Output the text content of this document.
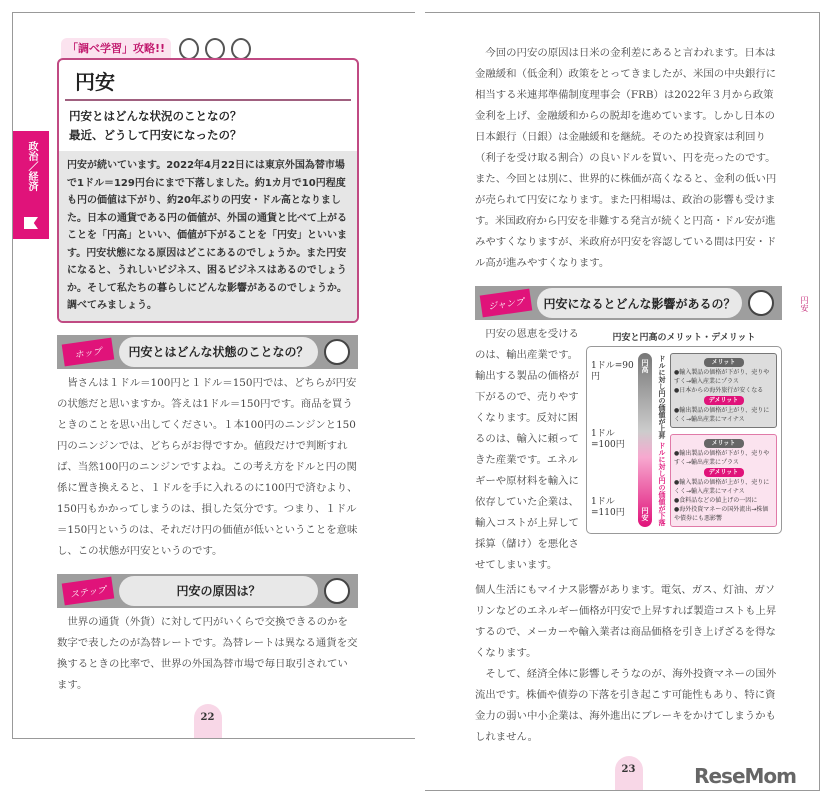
政治／経済
「調べ学習」攻略!!
円安
円安とはどんな状況のことなの？
最近、どうして円安になったの？
円安が続いています。2022年4月22日には東京外国為替市場で1ドル＝129円台にまで下落しました。約1カ月で10円程度も円の価値は下がり、約20年ぶりの円安・ドル高となりました。日本の通貨である円の価値が、外国の通貨と比べて上がることを「円高」といい、価値が下がることを「円安」といいます。円安状態になる原因はどこにあるのでしょうか。また円安になると、うれしいビジネス、困るビジネスはあるのでしょうか。そして私たちの暮らしにどんな影響があるのでしょうか。調べてみましょう。
ホップ	円安とはどんな状態のことなの？
皆さんは１ドル＝100円と１ドル＝150円では、どちらが円安の状態だと思いますか。答えは1ドル＝150円です。商品を買うときのことを思い出してください。１本100円のニンジンと150円のニンジンでは、どちらがお得ですか。値段だけで判断すれば、当然100円のニンジンですよね。この考え方をドルと円の関係に置き換えると、１ドルを手に入れるのに100円で済むより、150円もかかってしまうのは、損した気分です。つまり、１ドル＝150円というのは、それだけ円の価値が低いということを意味し、この状態が円安というのです。
ステップ	円安の原因は？
世界の通貨（外貨）に対して円がいくらで交換できるのかを数字で表したのが為替レートです。為替レートは異なる通貨を交換するときの比率で、世界の外国為替市場で毎日取引されています。
22
今回の円安の原因は日米の金利差にあると言われます。日本は金融緩和（低金利）政策をとってきましたが、米国の中央銀行に相当する米連邦準備制度理事会（FRB）は2022年３月から政策金利を上げ、金融緩和からの脱却を進めています。しかし日本の日本銀行（日銀）は金融緩和を継続。そのため投資家は利回り（利子を受け取る割合）の良いドルを買い、円を売ったのです。また、今回とは別に、世界的に株価が高くなると、金利の低い円が売られて円安になります。また円相場は、政治の影響も受けます。米国政府から円安を非難する発言が続くと円高・ドル安が進みやすくなりますが、米政府が円安を容認している間は円安・ドル高が進みやすくなります。
ジャンプ	円安になるとどんな影響があるの？
円安の恩恵を受けるのは、輸出産業です。輸出する製品の価格が下がるので、売りやすくなります。反対に困るのは、輸入に頼ってきた産業です。エネルギーや原材料を輸入に依存していた企業は、輸入コストが上昇して採算（儲け）を悪化させてしまいます。
円安と円高のメリット・デメリット
1ドル=90円
1ドル=100円
1ドル=110円
円高
円安
ドルに対し円の価値が上昇
ドルに対し円の価値が下落
メリット
●輸入製品の価格が下がり、売りやすく→輸入産業にプラス
●日本からの海外旅行が安くなる
デメリット
●輸出製品の価格が上がり、売りにくく→輸出産業にマイナス
メリット
●輸出製品の価格が下がり、売りやすく→輸出産業にプラス
デメリット
●輸入製品の価格が上がり、売りにくく→輸入産業にマイナス
●食料品などの値上げの一因に
●海外投資マネーの国外流出→株価や債券にも悪影響
個人生活にもマイナス影響があります。電気、ガス、灯油、ガソリンなどのエネルギー価格が円安で上昇すれば製造コストも上昇するので、メーカーや輸入業者は商品価格を引き上げざるを得なくなります。
そして、経済全体に影響しそうなのが、海外投資マネーの国外流出です。株価や債券の下落を引き起こす可能性もあり、特に資金力の弱い中小企業は、海外進出にブレーキをかけてしまうかもしれません。
円安
23	ReseMom
